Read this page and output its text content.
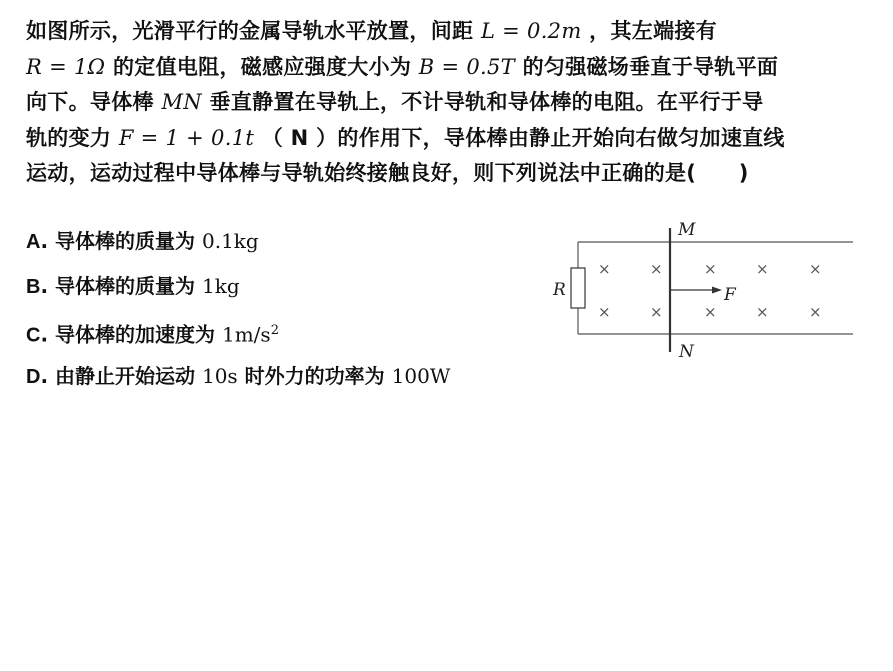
如图所示，光滑平行的金属导轨水平放置，间距 L = 0.2m ，其左端接有
R = 1Ω 的定值电阻，磁感应强度大小为 B = 0.5T 的匀强磁场垂直于导轨平面
向下。导体棒 MN 垂直静置在导轨上，不计导轨和导体棒的电阻。在平行于导
轨的变力 F = 1 + 0.1t （ N ）的作用下，导体棒由静止开始向右做匀加速直线
运动，运动过程中导体棒与导轨始终接触良好，则下列说法中正确的是(　　)
A. 导体棒的质量为 0.1kg
B. 导体棒的质量为 1kg
C. 导体棒的加速度为 $1m/s^2$
D. 由静止开始运动 10s 时外力的功率为 100W
R
M
N
F
×	×	×	×	×
×	×	×	×	×
